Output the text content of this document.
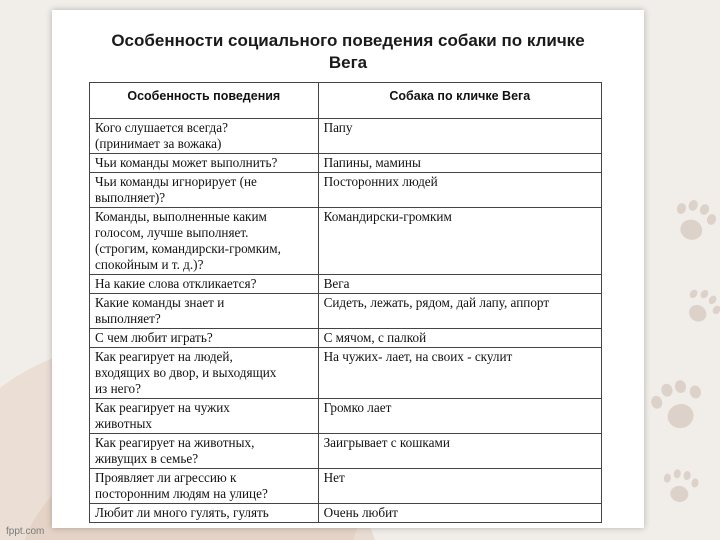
Особенности социального поведения собаки по кличке
Вега
Особенность поведения	Собака по кличке Вега
Кого слушается всегда?
(принимает за вожака)	Папу
Чьи команды может выполнить?	Папины, мамины
Чьи команды игнорирует (не
выполняет)?	Посторонних людей
Команды, выполненные каким
голосом, лучше выполняет.
(строгим, командирски-громким,
спокойным и т. д.)?	Командирски-громким
На какие слова откликается?	Вега
Какие команды знает и
выполняет?	Сидеть, лежать, рядом, дай лапу, аппорт
С чем любит играть?	С мячом, с палкой
Как реагирует на людей,
входящих во двор, и выходящих
из него?	На чужих- лает, на своих - скулит
Как реагирует на чужих
животных	Громко лает
Как реагирует на животных,
живущих в семье?	Заигрывает с кошками
Проявляет ли агрессию к
посторонним людям на улице?	Нет
Любит ли много гулять, гулять	Очень любит
fppt.com
